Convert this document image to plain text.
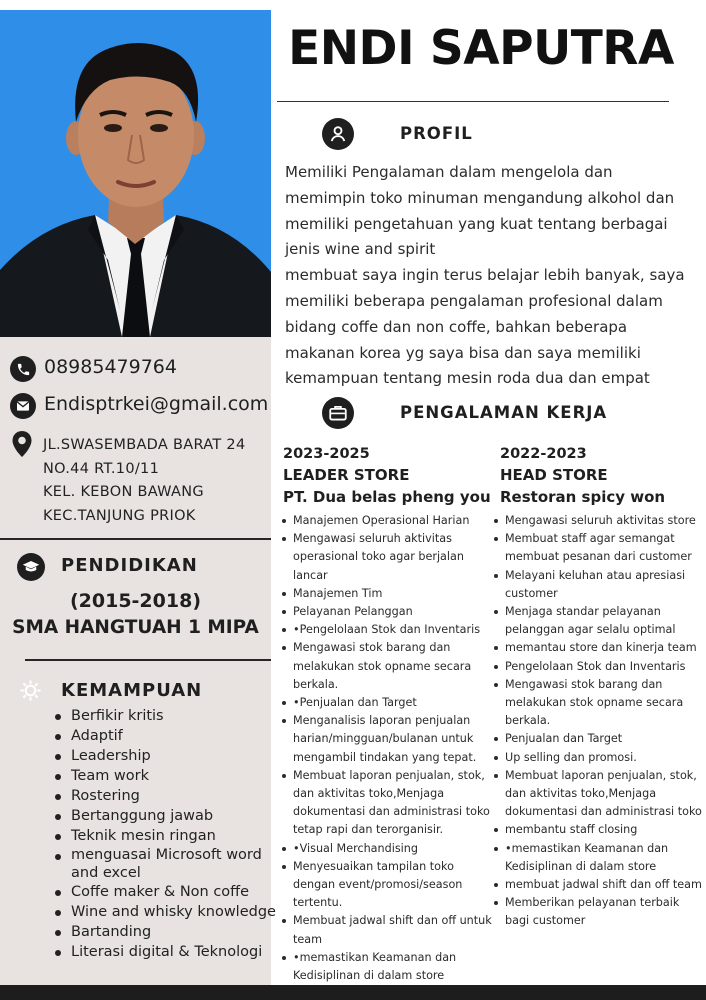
08985479764
Endisptrkei@gmail.com
JL.SWASEMBADA BARAT 24
NO.44 RT.10/11
KEL. KEBON BAWANG
KEC.TANJUNG PRIOK
PENDIDIKAN
(2015-2018)
SMA HANGTUAH 1 MIPA
KEMAMPUAN
Berfikir kritis
Adaptif
Leadership
Team work
Rostering
Bertanggung jawab
Teknik mesin ringan
menguasai Microsoft word and excel
Coffe maker & Non coffe
Wine and whisky knowledge
Bartanding
Literasi digital & Teknologi
ENDI SAPUTRA
PROFIL

Memiliki Pengalaman dalam mengelola dan memimpin toko minuman mengandung alkohol dan memiliki pengetahuan yang kuat tentang berbagai jenis wine and spirit

membuat saya ingin terus belajar lebih banyak, saya memiliki beberapa pengalaman profesional dalam bidang coffe dan non coffe, bahkan beberapa makanan korea yg saya bisa dan saya memiliki kemampuan tentang mesin roda dua dan empat

PENGALAMAN KERJA
2023-2025
LEADER STORE
PT. Dua belas pheng you
Manajemen Operasional Harian
Mengawasi seluruh aktivitas operasional toko agar berjalan lancar
Manajemen Tim
Pelayanan Pelanggan
•Pengelolaan Stok dan Inventaris
Mengawasi stok barang dan melakukan stok opname secara berkala.
•Penjualan dan Target
Menganalisis laporan penjualan harian/mingguan/bulanan untuk mengambil tindakan yang tepat.
Membuat laporan penjualan, stok, dan aktivitas toko,Menjaga dokumentasi dan administrasi toko tetap rapi dan terorganisir.
•Visual Merchandising
Menyesuaikan tampilan toko dengan event/promosi/season tertentu.
Membuat jadwal shift dan off untuk team
•memastikan Keamanan dan Kedisiplinan di dalam store
2022-2023
HEAD STORE
Restoran spicy won
Mengawasi seluruh aktivitas store
Membuat staff agar semangat membuat pesanan dari customer
Melayani keluhan atau apresiasi customer
Menjaga standar pelayanan pelanggan agar selalu optimal
memantau store dan kinerja team
Pengelolaan Stok dan Inventaris
Mengawasi stok barang dan melakukan stok opname secara berkala.
Penjualan dan Target
Up selling dan promosi.
Membuat laporan penjualan, stok, dan aktivitas toko,Menjaga dokumentasi dan administrasi toko
membantu staff closing
•memastikan Keamanan dan Kedisiplinan di dalam store
membuat jadwal shift dan off team
Memberikan pelayanan terbaik bagi customer
